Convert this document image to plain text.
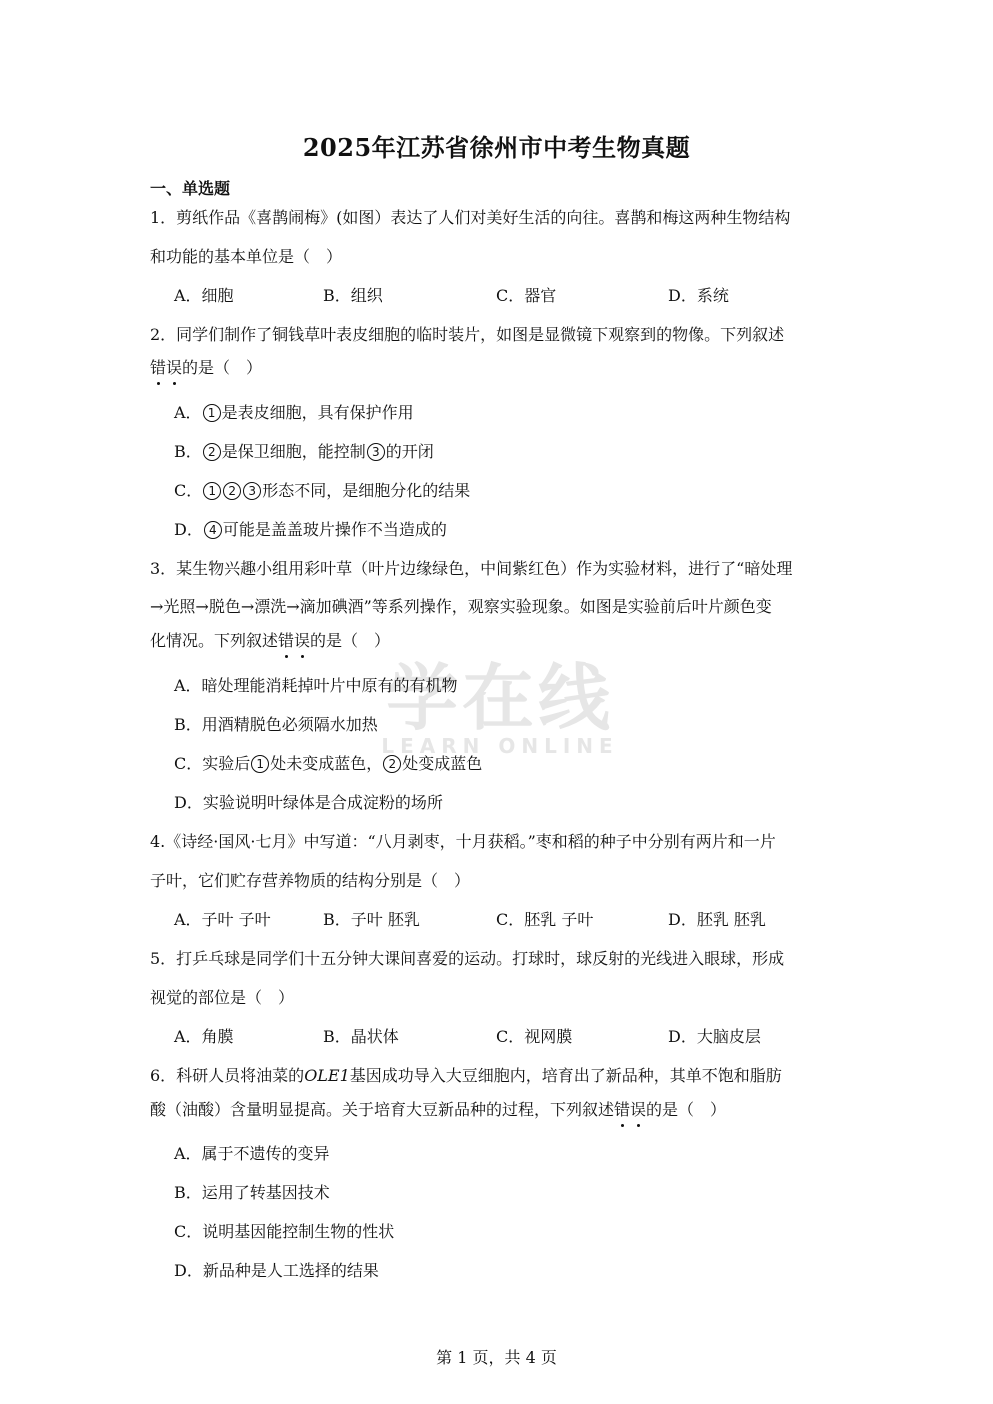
学在线
LEARN ONLINE
2025年江苏省徐州市中考生物真题
一、单选题
1．剪纸作品《喜鹊闹梅》(如图）表达了人们对美好生活的向往。喜鹊和梅这两种生物结构
和功能的基本单位是（　）
A．细胞	B．组织	C．器官	D．系统
2．同学们制作了铜钱草叶表皮细胞的临时装片，如图是显微镜下观察到的物像。下列叙述
错误的是（　）
A． 1 是表皮细胞，具有保护作用
B． 2 是保卫细胞，能控制 3 的开闭
C． 1 2 3 形态不同，是细胞分化的结果
D． 4 可能是盖盖玻片操作不当造成的
3．某生物兴趣小组用彩叶草（叶片边缘绿色，中间紫红色）作为实验材料，进行了“暗处理
→光照→脱色→漂洗→滴加碘酒”等系列操作，观察实验现象。如图是实验前后叶片颜色变
化情况。下列叙述错误的是（　）
A．暗处理能消耗掉叶片中原有的有机物
B．用酒精脱色必须隔水加热
C．实验后 1 处未变成蓝色， 2 处变成蓝色
D．实验说明叶绿体是合成淀粉的场所
4.《诗经·国风·七月》中写道：“八月剥枣，十月获稻。”枣和稻的种子中分别有两片和一片
子叶，它们贮存营养物质的结构分别是（　）
A．子叶 子叶	B．子叶 胚乳	C．胚乳 子叶	D．胚乳 胚乳
5．打乒乓球是同学们十五分钟大课间喜爱的运动。打球时，球反射的光线进入眼球，形成
视觉的部位是（　）
A．角膜	B．晶状体	C．视网膜	D．大脑皮层
6．科研人员将油菜的OLE1基因成功导入大豆细胞内，培育出了新品种，其单不饱和脂肪
酸（油酸）含量明显提高。关于培育大豆新品种的过程，下列叙述错误的是（　）
A．属于不遗传的变异
B．运用了转基因技术
C．说明基因能控制生物的性状
D．新品种是人工选择的结果
第 1 页，共 4 页
